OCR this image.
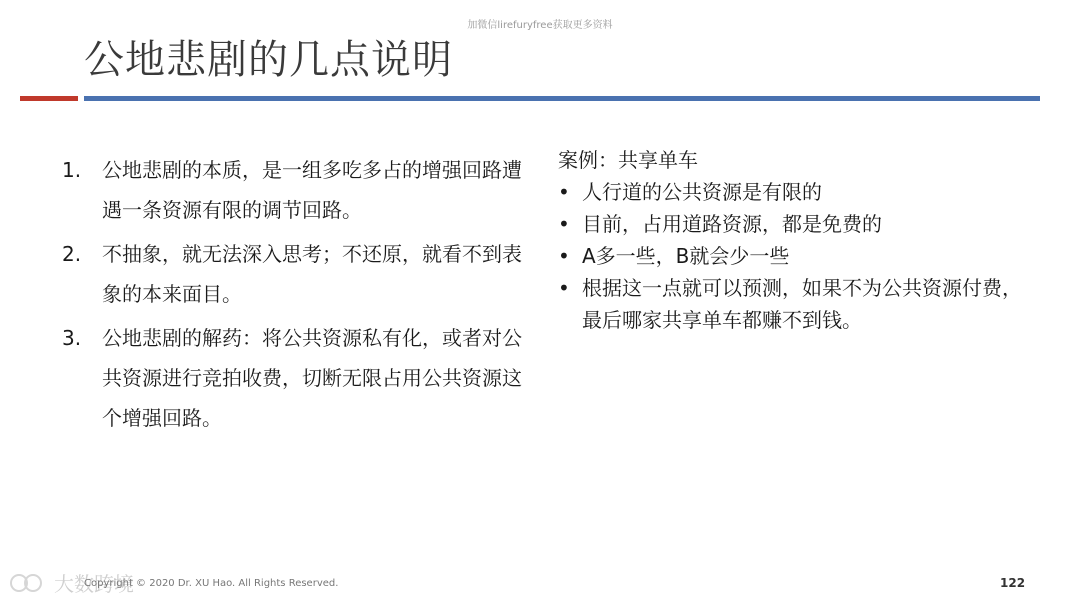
加微信lirefuryfree获取更多资料
公地悲剧的几点说明
1.	公地悲剧的本质，是一组多吃多占的增强回路遭遇一条资源有限的调节回路。
2.	不抽象，就无法深入思考；不还原，就看不到表象的本来面目。
3.	公地悲剧的解药：将公共资源私有化，或者对公共资源进行竞拍收费，切断无限占用公共资源这个增强回路。
案例：共享单车
• 人行道的公共资源是有限的
• 目前，占用道路资源，都是免费的
• A多一些，B就会少一些
• 根据这一点就可以预测，如果不为公共资源付费，最后哪家共享单车都赚不到钱。
大数跨境
Copyright © 2020 Dr. XU Hao. All Rights Reserved.	122
